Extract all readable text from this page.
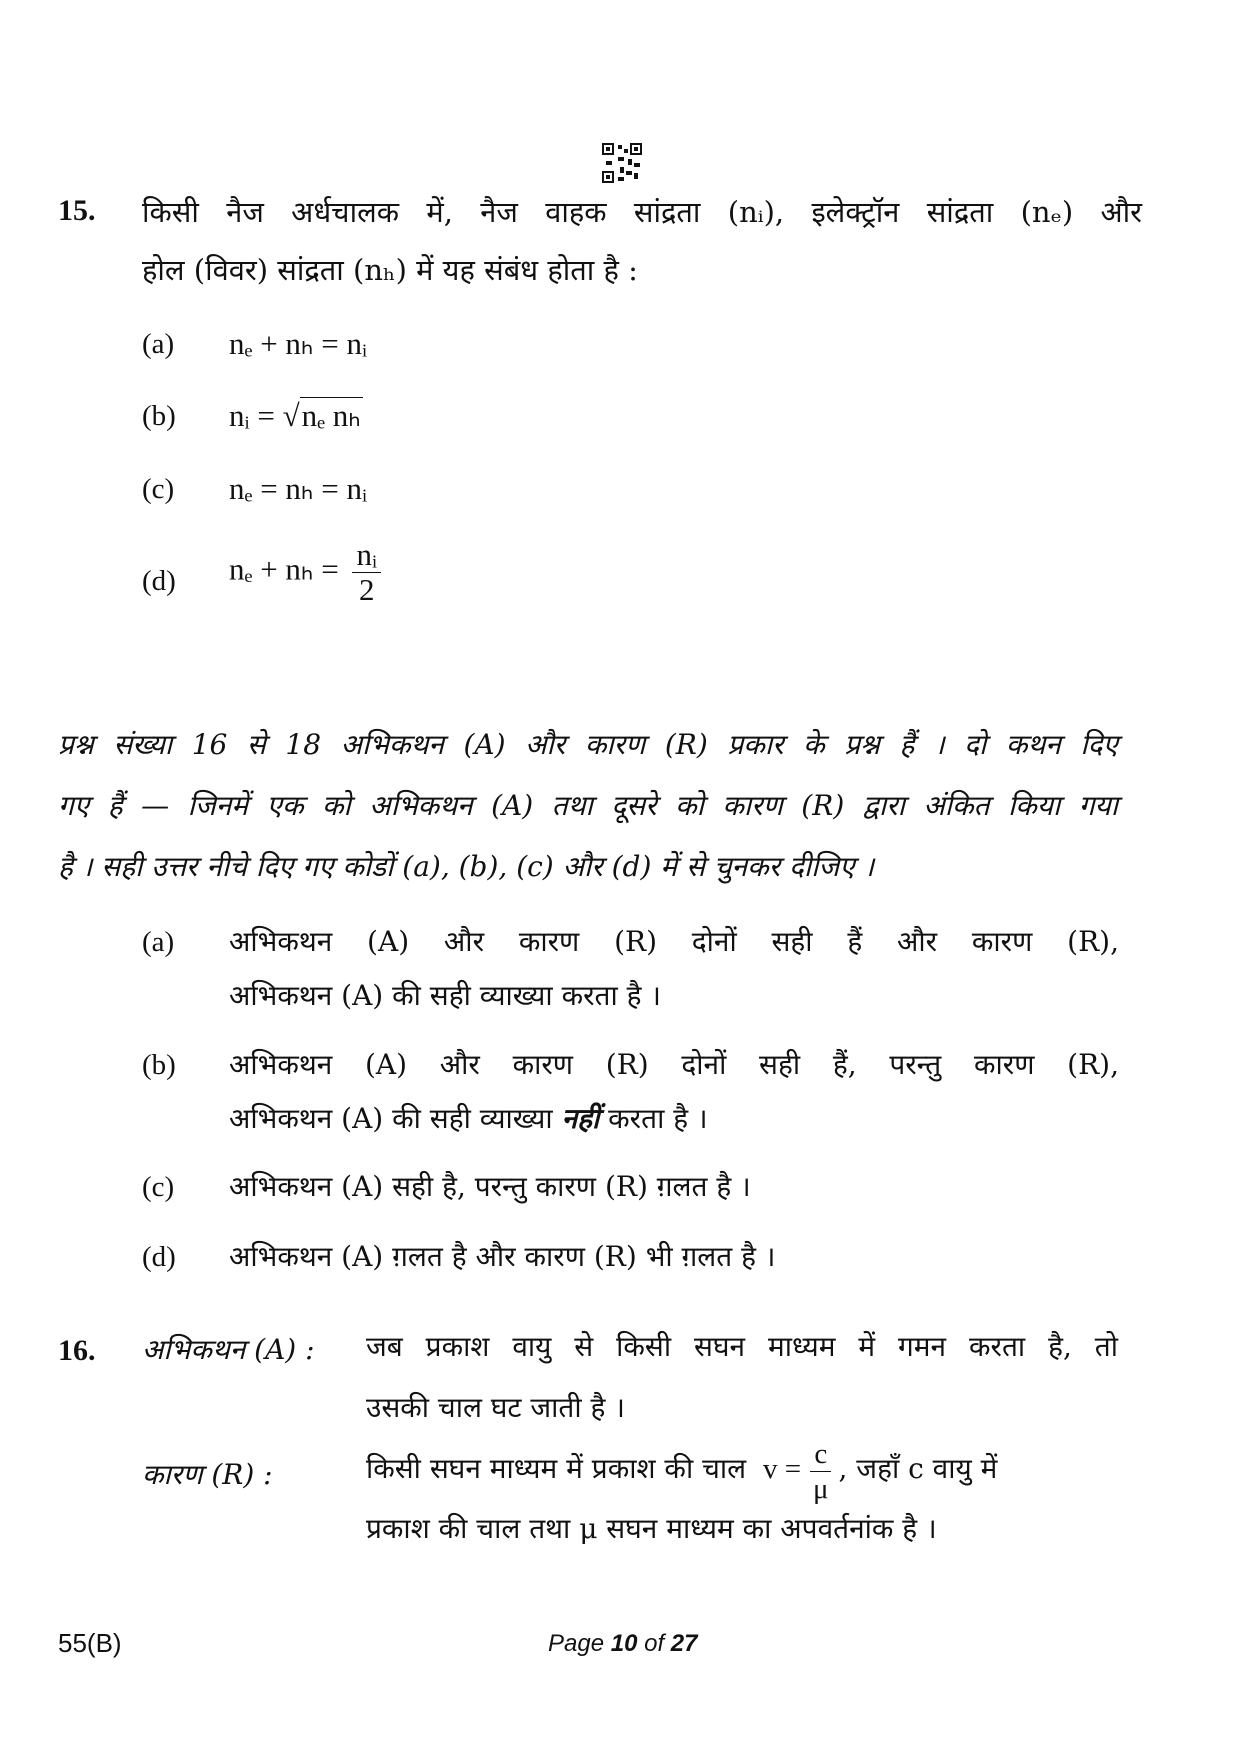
15. किसी नैज अर्धचालक में, नैज वाहक सांद्रता (nᵢ), इलेक्ट्रॉन सांद्रता (nₑ) और
होल (विवर) सांद्रता (nₕ) में यह संबंध होता है :
(a) nₑ + nₕ = nᵢ
(b) nᵢ = √nₑ nₕ
(c) nₑ = nₕ = nᵢ
(d) $n_e + n_h = \frac{\text{nᵢ}}{2}$
प्रश्न संख्या 16 से 18 अभिकथन (A) और कारण (R) प्रकार के प्रश्न हैं । दो कथन दिए
गए हैं — जिनमें एक को अभिकथन (A) तथा दूसरे को कारण (R) द्वारा अंकित किया गया
है । सही उत्तर नीचे दिए गए कोडों (a), (b), (c) और (d) में से चुनकर दीजिए ।
(a) अभिकथन (A) और कारण (R) दोनों सही हैं और कारण (R),
अभिकथन (A) की सही व्याख्या करता है ।
(b) अभिकथन (A) और कारण (R) दोनों सही हैं, परन्तु कारण (R),
अभिकथन (A) की सही व्याख्या नहीं करता है ।
(c) अभिकथन (A) सही है, परन्तु कारण (R) ग़लत है ।
(d) अभिकथन (A) ग़लत है और कारण (R) भी ग़लत है ।
16. अभिकथन (A) : जब प्रकाश वायु से किसी सघन माध्यम में गमन करता है, तो
उसकी चाल घट जाती है ।
कारण (R) :	किसी सघन माध्यम में प्रकाश की चाल $v = \frac{c}{\mu}$ , जहाँ c वायु में
प्रकाश की चाल तथा μ सघन माध्यम का अपवर्तनांक है ।
55(B)	Page 10 of 27
